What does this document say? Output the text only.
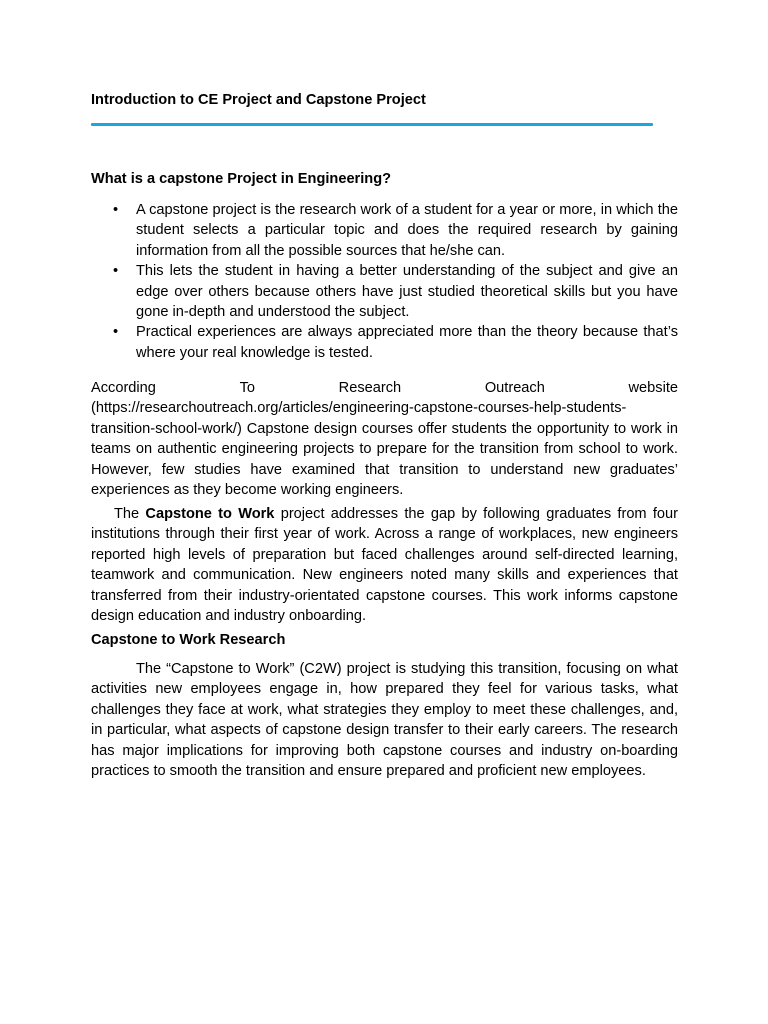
Introduction to CE Project and Capstone Project
What is a capstone Project in Engineering?
• A capstone project is the research work of a student for a year or more, in which the student selects a particular topic and does the required research by gaining information from all the possible sources that he/she can.
• This lets the student in having a better understanding of the subject and give an edge over others because others have just studied theoretical skills but you have gone in-depth and understood the subject.
• Practical experiences are always appreciated more than the theory because that’s where your real knowledge is tested.
According	To	Research	Outreach	website
(https://researchoutreach.org/articles/engineering-capstone-courses-help-students-
transition-school-work/) Capstone design courses offer students the opportunity to work in teams on authentic engineering projects to prepare for the transition from school to work. However, few studies have examined that transition to understand new graduates’ experiences as they become working engineers.

The Capstone to Work project addresses the gap by following graduates from four institutions through their first year of work. Across a range of workplaces, new engineers reported high levels of preparation but faced challenges around self-directed learning, teamwork and communication. New engineers noted many skills and experiences that transferred from their industry-orientated capstone courses. This work informs capstone design education and industry onboarding.

Capstone to Work Research

The “Capstone to Work” (C2W) project is studying this transition, focusing on what activities new employees engage in, how prepared they feel for various tasks, what challenges they face at work, what strategies they employ to meet these challenges, and, in particular, what aspects of capstone design transfer to their early careers. The research has major implications for improving both capstone courses and industry on-boarding practices to smooth the transition and ensure prepared and proficient new employees.
